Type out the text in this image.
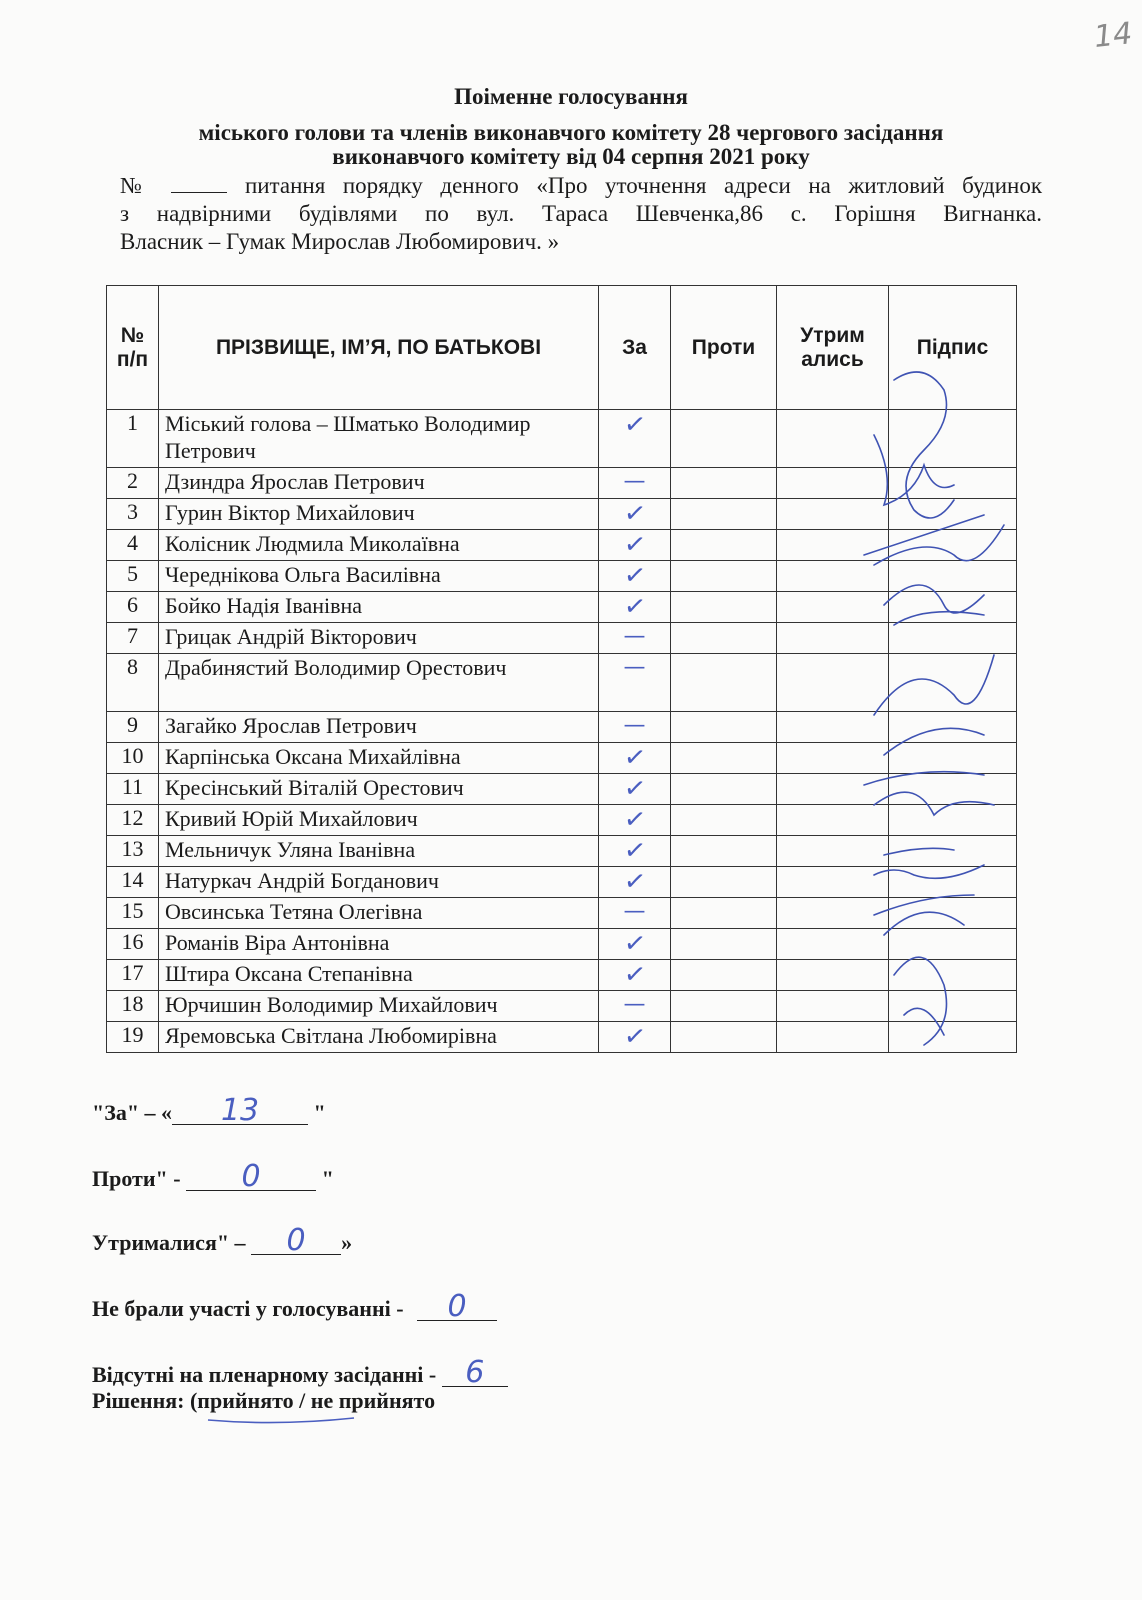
14
Поіменне голосування
міського голови та членів виконавчого комітету 28 чергового засідання
виконавчого комітету від 04 серпня 2021 року
№	питання порядку денного «Про уточнення адреси на житловий будинок
з надвірними будівлями по вул. Тараса Шевченка,86 с. Горішня Вигнанка.
Власник – Гумак Мирослав Любомирович. »
№ п/п	ПРІЗВИЩЕ, ІМ’Я, ПО БАТЬКОВІ	За	Проти	Утрим ались	Підпис
1	Міський голова – Шматько Володимир Петрович	✓			
2	Дзиндра Ярослав Петрович	—			
3	Гурин Віктор Михайлович	✓			
4	Колісник Людмила Миколаївна	✓			
5	Череднікова Ольга Василівна	✓			
6	Бойко Надія Іванівна	✓			
7	Грицак Андрій Вікторович	—			
8	Драбинястий Володимир Орестович	—			
9	Загайко Ярослав Петрович	—			
10	Карпінська Оксана Михайлівна	✓			
11	Кресінський Віталій Орестович	✓			
12	Кривий Юрій Михайлович	✓			
13	Мельничук Уляна Іванівна	✓			
14	Натуркач Андрій Богданович	✓			
15	Овсинська Тетяна Олегівна	—			
16	Романів Віра Антонівна	✓			
17	Штира Оксана Степанівна	✓			
18	Юрчишин Володимир Михайлович	—			
19	Яремовська Світлана Любомирівна	✓			
"За" – « 13 "
Проти" - 0	"
Утрималися" – 0 »
Не брали участі у голосуванні - 0
Відсутні на пленарному засіданні - 6
Рішення: (прийнято / не прийнято
